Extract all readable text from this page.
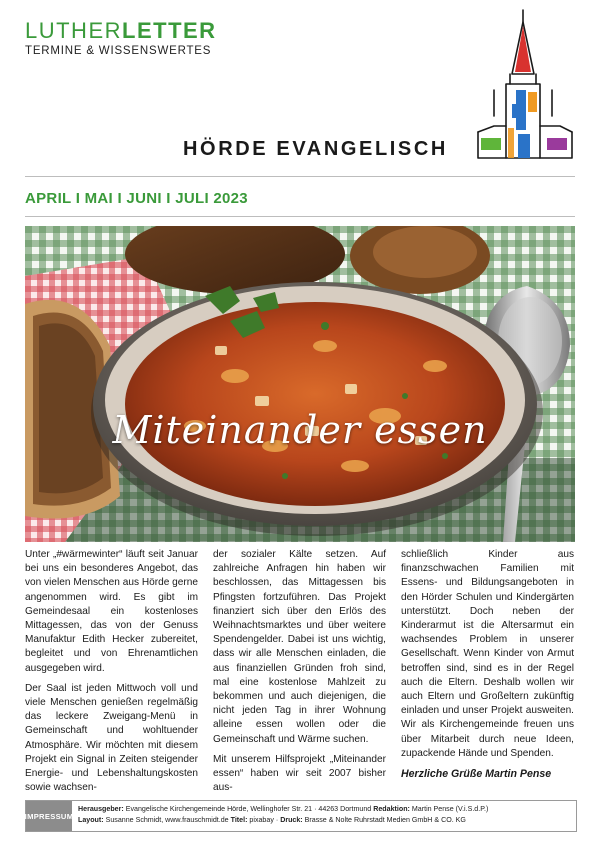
LUTHERLETTER
TERMINE & WISSENSWERTES
HÖRDE EVANGELISCH
APRIL I MAI I JUNI I JULI 2023
Miteinander essen

Unter „#wärmewinter“ läuft seit Januar bei uns ein besonderes Angebot, das von vielen Menschen aus Hörde gerne angenommen wird. Es gibt im Gemeindesaal ein kostenloses Mittagessen, das von der Genuss Manufaktur Edith Hecker zubereitet, begleitet und von Ehrenamtlichen ausgegeben wird.

Der Saal ist jeden Mittwoch voll und viele Menschen genießen regelmäßig das leckere Zweigang-Menü in Gemeinschaft und wohltuender Atmosphäre. Wir möchten mit diesem Projekt ein Signal in Zeiten steigender Energie- und Lebenshaltungskosten sowie wachsen-

der sozialer Kälte setzen. Auf zahlreiche Anfragen hin haben wir beschlossen, das Mittagessen bis Pfingsten fortzuführen. Das Projekt finanziert sich über den Erlös des Weihnachtsmarktes und über weitere Spendengelder. Dabei ist uns wichtig, dass wir alle Menschen einladen, die aus finanziellen Gründen froh sind, mal eine kostenlose Mahlzeit zu bekommen und auch diejenigen, die nicht jeden Tag in ihrer Wohnung alleine essen wollen oder die Gemeinschaft und Wärme suchen.

Mit unserem Hilfsprojekt „Miteinander essen“ haben wir seit 2007 bisher aus-

schließlich Kinder aus finanzschwachen Familien mit Essens- und Bildungsangeboten in den Hörder Schulen und Kindergärten unterstützt. Doch neben der Kinderarmut ist die Altersarmut ein wachsendes Problem in unserer Gesellschaft. Wenn Kinder von Armut betroffen sind, sind es in der Regel auch die Eltern. Deshalb wollen wir auch Eltern und Großeltern zukünftig einladen und unser Projekt ausweiten. Wir als Kirchengemeinde freuen uns über Mitarbeit durch neue Ideen, zupackende Hände und Spenden.

Herzliche Grüße Martin Pense

IMPRESSUM
Herausgeber: Evangelische Kirchengemeinde Hörde, Wellinghofer Str. 21 · 44263 Dortmund Redaktion: Martin Pense (V.i.S.d.P.)
Layout: Susanne Schmidt, www.frauschmidt.de Titel: pixabay · Druck: Brasse & Nolte Ruhrstadt Medien GmbH & CO. KG
